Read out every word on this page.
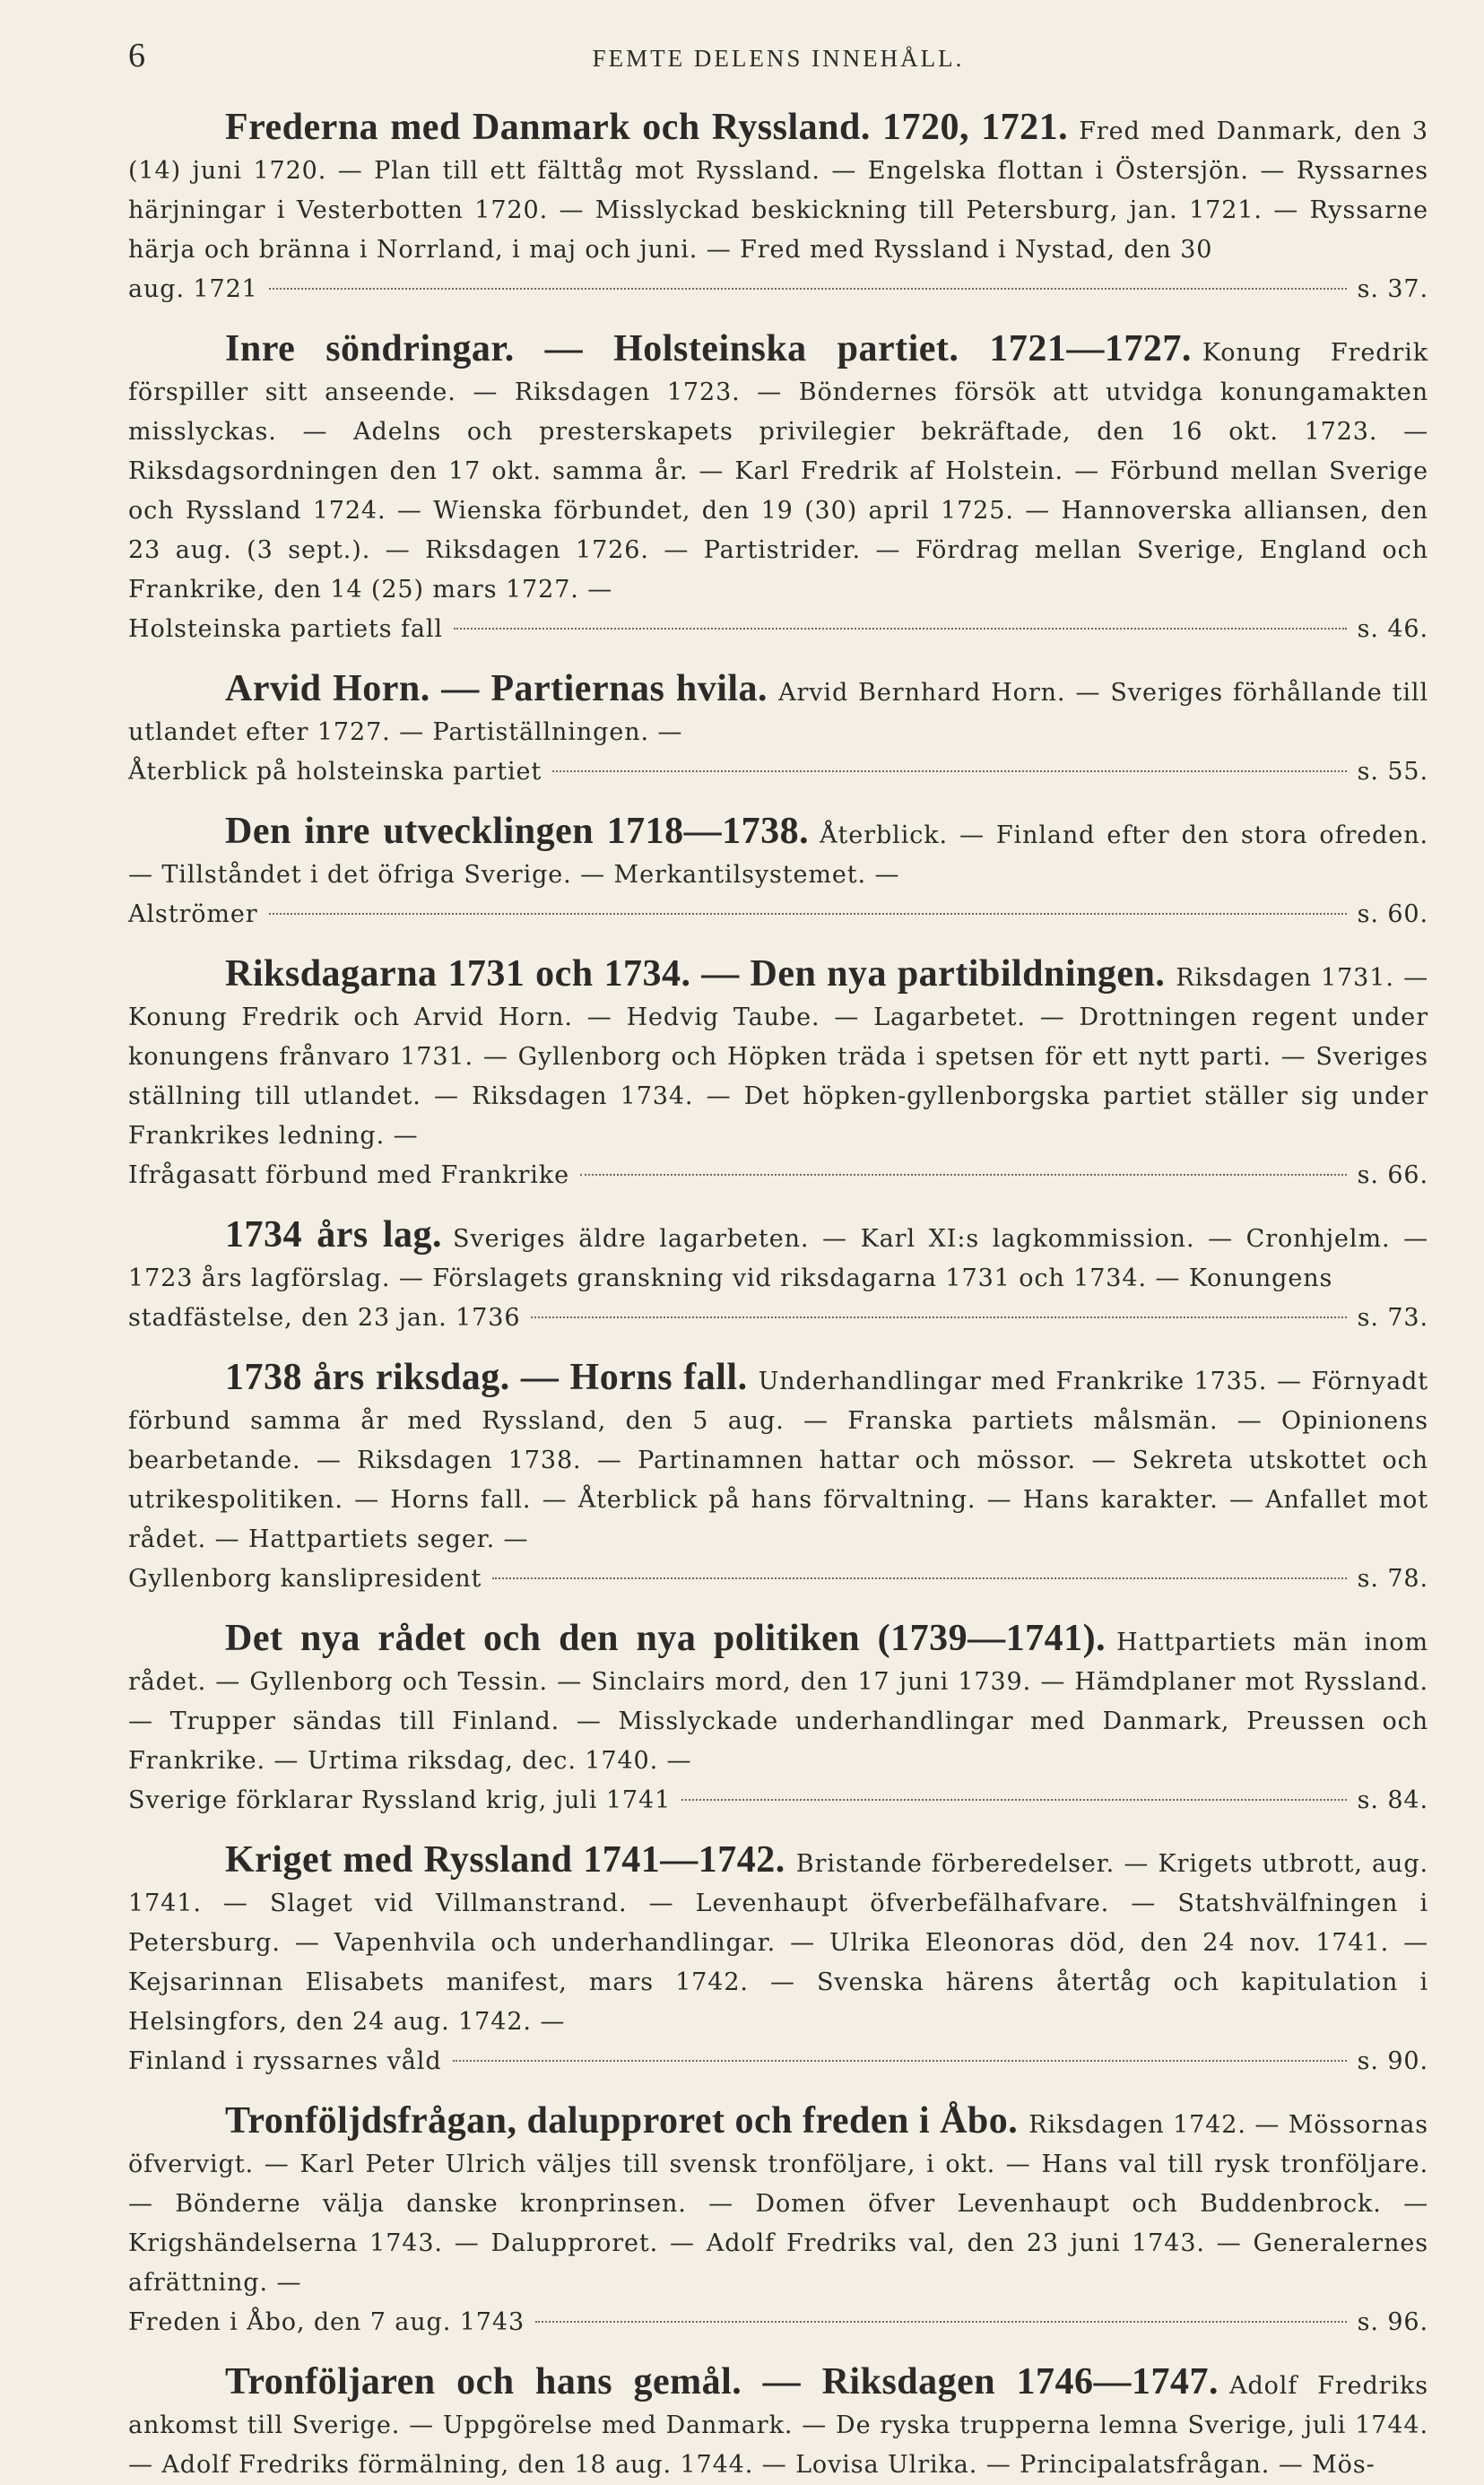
6	FEMTE DELENS INNEHÅLL.
Frederna med Danmark och Ryssland. 1720, 1721. Fred med Danmark, den 3 (14) juni 1720. — Plan till ett fälttåg mot Ryssland. — Engelska flottan i Östersjön. — Ryssarnes härjningar i Vesterbotten 1720. — Misslyckad beskickning till Petersburg, jan. 1721. — Ryssarne härja och bränna i Norrland, i maj och juni. — Fred med Ryssland i Nystad, den 30
aug. 1721	s. 37.
Inre söndringar. — Holsteinska partiet. 1721—1727. Konung Fredrik förspiller sitt anseende. — Riksdagen 1723. — Böndernes försök att utvidga konungamakten misslyckas. — Adelns och presterskapets privilegier bekräftade, den 16 okt. 1723. — Riksdagsordningen den 17 okt. samma år. — Karl Fredrik af Holstein. — Förbund mellan Sverige och Ryssland 1724. — Wienska förbundet, den 19 (30) april 1725. — Hannoverska alliansen, den 23 aug. (3 sept.). — Riksdagen 1726. — Partistrider. — Fördrag mellan Sverige, England och Frankrike, den 14 (25) mars 1727. —
Holsteinska partiets fall	s. 46.
Arvid Horn. — Partiernas hvila. Arvid Bernhard Horn. — Sveriges förhållande till utlandet efter 1727. — Partiställningen. —
Återblick på holsteinska partiet	s. 55.
Den inre utvecklingen 1718—1738. Återblick. — Finland efter den stora ofreden. — Tillståndet i det öfriga Sverige. — Merkantilsystemet. —
Alströmer	s. 60.
Riksdagarna 1731 och 1734. — Den nya partibildningen. Riksdagen 1731. — Konung Fredrik och Arvid Horn. — Hedvig Taube. — Lagarbetet. — Drottningen regent under konungens frånvaro 1731. — Gyllenborg och Höpken träda i spetsen för ett nytt parti. — Sveriges ställning till utlandet. — Riksdagen 1734. — Det höpken-gyllenborgska partiet ställer sig under Frankrikes ledning. —
Ifrågasatt förbund med Frankrike	s. 66.
1734 års lag. Sveriges äldre lagarbeten. — Karl XI:s lagkommission. — Cronhjelm. — 1723 års lagförslag. — Förslagets granskning vid riksdagarna 1731 och 1734. — Konungens
stadfästelse, den 23 jan. 1736	s. 73.
1738 års riksdag. — Horns fall. Underhandlingar med Frankrike 1735. — Förnyadt förbund samma år med Ryssland, den 5 aug. — Franska partiets målsmän. — Opinionens bearbetande. — Riksdagen 1738. — Partinamnen hattar och mössor. — Sekreta utskottet och utrikespolitiken. — Horns fall. — Återblick på hans förvaltning. — Hans karakter. — Anfallet mot rådet. — Hattpartiets seger. —
Gyllenborg kanslipresident	s. 78.
Det nya rådet och den nya politiken (1739—1741). Hattpartiets män inom rådet. — Gyllenborg och Tessin. — Sinclairs mord, den 17 juni 1739. — Hämdplaner mot Ryssland. — Trupper sändas till Finland. — Misslyckade underhandlingar med Danmark, Preussen och Frankrike. — Urtima riksdag, dec. 1740. —
Sverige förklarar Ryssland krig, juli 1741	s. 84.
Kriget med Ryssland 1741—1742. Bristande förberedelser. — Krigets utbrott, aug. 1741. — Slaget vid Villmanstrand. — Levenhaupt öfverbefälhafvare. — Statshvälfningen i Petersburg. — Vapenhvila och underhandlingar. — Ulrika Eleonoras död, den 24 nov. 1741. — Kejsarinnan Elisabets manifest, mars 1742. — Svenska härens återtåg och kapitulation i Helsingfors, den 24 aug. 1742. —
Finland i ryssarnes våld	s. 90.
Tronföljdsfrågan, dalupproret och freden i Åbo. Riksdagen 1742. — Mössornas öfvervigt. — Karl Peter Ulrich väljes till svensk tronföljare, i okt. — Hans val till rysk tronföljare. — Bönderne välja danske kronprinsen. — Domen öfver Levenhaupt och Buddenbrock. — Krigshändelserna 1743. — Dalupproret. — Adolf Fredriks val, den 23 juni 1743. — Generalernes afrättning. —
Freden i Åbo, den 7 aug. 1743	s. 96.
Tronföljaren och hans gemål. — Riksdagen 1746—1747. Adolf Fredriks ankomst till Sverige. — Uppgörelse med Danmark. — De ryska trupperna lemna Sverige, juli 1744. — Adolf Fredriks förmälning, den 18 aug. 1744. — Lovisa Ulrika. — Principalatsfrågan. — Mös-
